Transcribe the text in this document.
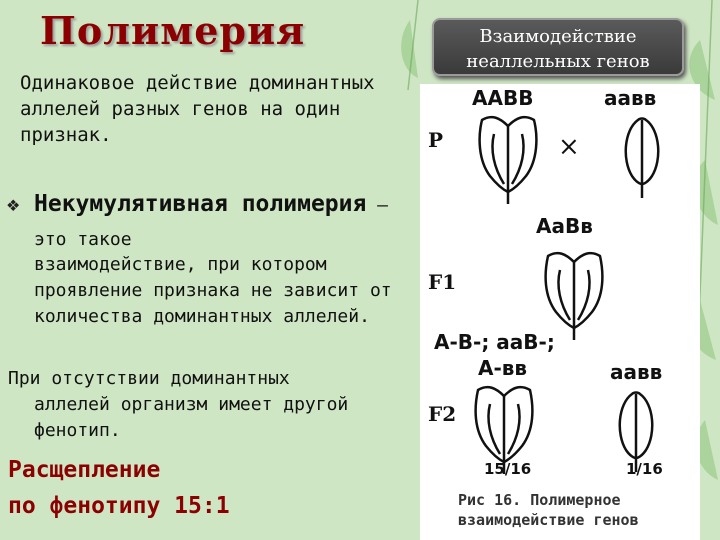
Полимерия
Одинаковое действие доминантных аллелей разных генов на один признак.
❖ Некумулятивная полимерия – это такое
взаимодействие, при котором проявление признака не зависит от количества доминантных аллелей.
При отсутствии доминантных
аллелей организм имеет другой фенотип.
Расщепление
по фенотипу 15:1
Взаимодействие
неаллельных генов
ААВВ	аавв
P	×
АаВв
F1
А-В-; ааВ-;
А-вв	аавв
F2
15/16	1/16
Рис 16. Полимерное взаимодействие генов
